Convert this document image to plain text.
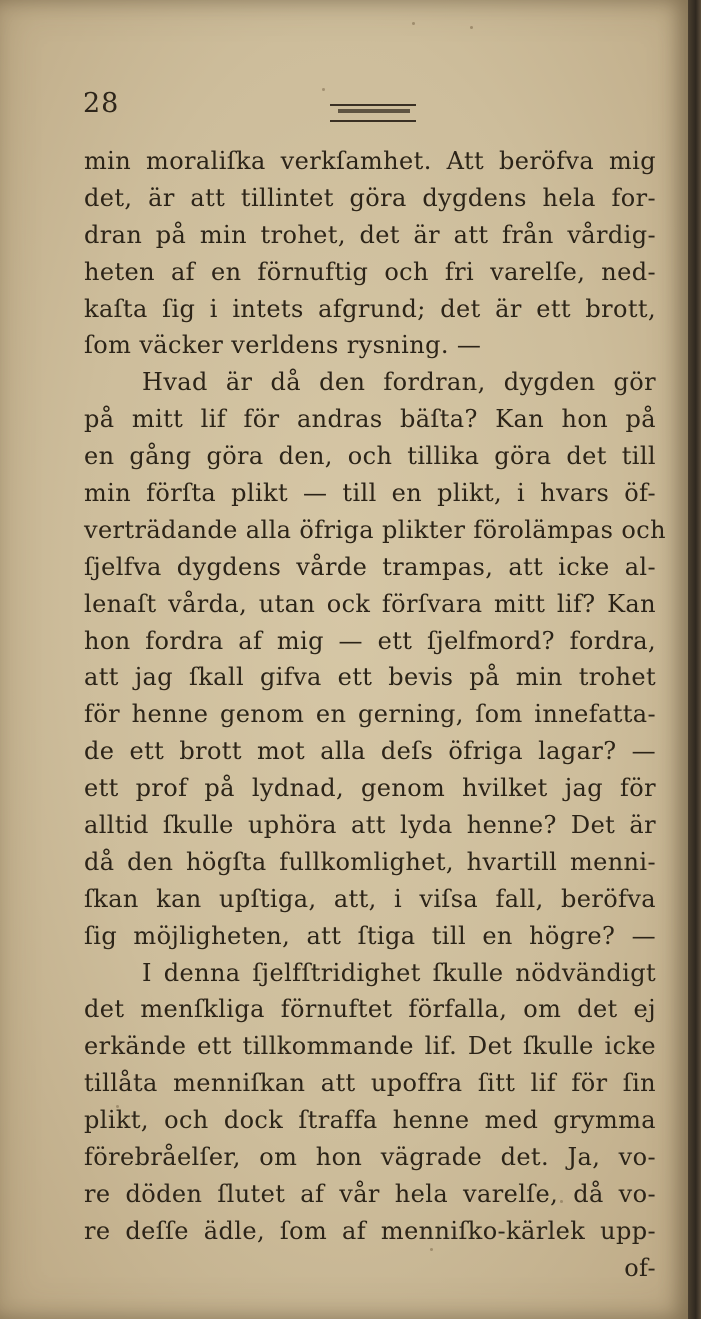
28
min moraliſka verkſamhet. Att beröfva mig
det, är att tillintet göra dygdens hela for-
dran på min trohet, det är att från vårdig-
heten af en förnuftig och fri varelſe, ned-
kaſta ſig i intets afgrund; det är ett brott,
ſom väcker verldens rysning. —
Hvad är då den fordran, dygden gör
på mitt lif för andras bäſta? Kan hon på
en gång göra den, och tillika göra det till
min förſta plikt — till en plikt, i hvars öf-
verträdande alla öfriga plikter förolämpas och
ſjelfva dygdens vårde trampas, att icke al-
lenaſt vårda, utan ock förſvara mitt lif? Kan
hon fordra af mig — ett ſjelfmord? fordra,
att jag ſkall gifva ett bevis på min trohet
för henne genom en gerning, ſom innefatta-
de ett brott mot alla deſs öfriga lagar? —
ett prof på lydnad, genom hvilket jag för
alltid ſkulle uphöra att lyda henne? Det är
då den högſta fullkomlighet, hvartill menni-
ſkan kan upſtiga, att, i viſsa fall, beröfva
ſig möjligheten, att ſtiga till en högre? —
I denna ſjelfſtridighet ſkulle nödvändigt
det menſkliga förnuftet förfalla, om det ej
erkände ett tillkommande lif. Det ſkulle icke
tillåta menniſkan att upoffra ſitt lif för ſin
plikt, och dock ſtraffa henne med grymma
förebråelſer, om hon vägrade det. Ja, vo-
re döden ſlutet af vår hela varelſe, då vo-
re deſſe ädle, ſom af menniſko-kärlek upp-
of-
